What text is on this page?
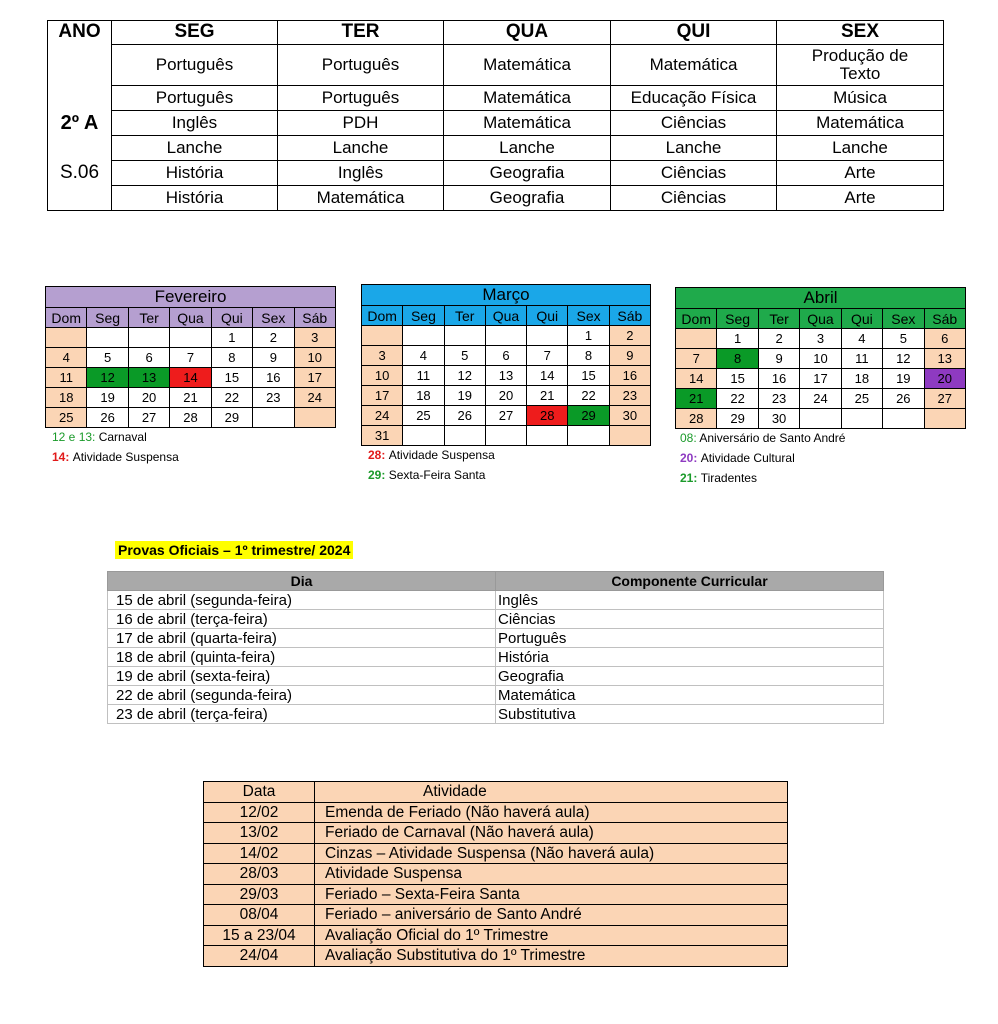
ANO	SEG	TER	QUA	QUI	SEX
	Português	Português	Matemática	Matemática	Produção de
Texto
	Português	Português	Matemática	Educação Física	Música
2º A	Inglês	PDH	Matemática	Ciências	Matemática
	Lanche	Lanche	Lanche	Lanche	Lanche
S.06	História	Inglês	Geografia	Ciências	Arte
	História	Matemática	Geografia	Ciências	Arte
Fevereiro						
Dom	Seg	Ter	Qua	Qui	Sex	Sáb
				1	2	3
4	5	6	7	8	9	10
11	12	13	14	15	16	17
18	19	20	21	22	23	24
25	26	27	28	29		
Março						
Dom	Seg	Ter	Qua	Qui	Sex	Sáb
					1	2
3	4	5	6	7	8	9
10	11	12	13	14	15	16
17	18	19	20	21	22	23
24	25	26	27	28	29	30
31						
Abril						
Dom	Seg	Ter	Qua	Qui	Sex	Sáb
	1	2	3	4	5	6
7	8	9	10	11	12	13
14	15	16	17	18	19	20
21	22	23	24	25	26	27
28	29	30				
12 e 13: Carnaval
14: Atividade Suspensa	28: Atividade Suspensa
29: Sexta-Feira Santa
08: Aniversário de Santo André
20: Atividade Cultural
21: Tiradentes
Provas Oficiais – 1º trimestre/ 2024
Dia	Componente Curricular
15 de abril (segunda-feira)	Inglês
16 de abril (terça-feira)	Ciências
17 de abril (quarta-feira)	Português
18 de abril (quinta-feira)	História
19 de abril (sexta-feira)	Geografia
22 de abril (segunda-feira)	Matemática
23 de abril (terça-feira)	Substitutiva
Data	Atividade
12/02	Emenda de Feriado (Não haverá aula)
13/02	Feriado de Carnaval (Não haverá aula)
14/02	Cinzas – Atividade Suspensa (Não haverá aula)
28/03	Atividade Suspensa
29/03	Feriado – Sexta-Feira Santa
08/04	Feriado – aniversário de Santo André
15 a 23/04	Avaliação Oficial do 1º Trimestre
24/04	Avaliação Substitutiva do 1º Trimestre
